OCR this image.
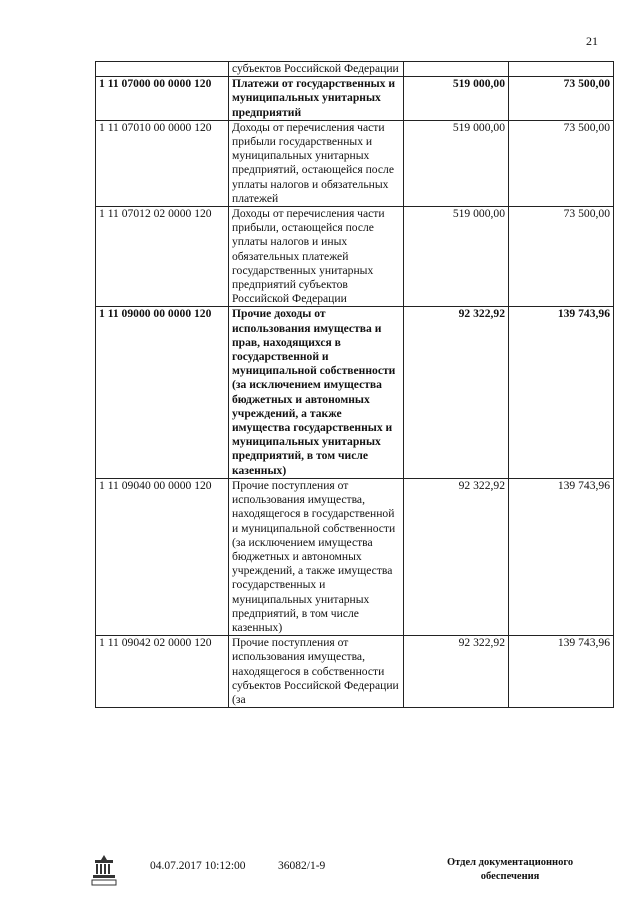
21
	субъектов Российской Федерации		
1 11 07000 00 0000 120	Платежи от государственных и муниципальных унитарных предприятий	519 000,00	73 500,00
1 11 07010 00 0000 120	Доходы от перечисления части прибыли государственных и муниципальных унитарных предприятий, остающейся после уплаты налогов и обязательных платежей	519 000,00	73 500,00
1 11 07012 02 0000 120	Доходы от перечисления части прибыли, остающейся после уплаты налогов и иных обязательных платежей государственных унитарных предприятий субъектов Российской Федерации	519 000,00	73 500,00
1 11 09000 00 0000 120	Прочие доходы от использования имущества и прав, находящихся в государственной и муниципальной собственности (за исключением имущества бюджетных и автономных учреждений, а также имущества государственных и муниципальных унитарных предприятий, в том числе казенных)	92 322,92	139 743,96
1 11 09040 00 0000 120	Прочие поступления от использования имущества, находящегося в государственной и муниципальной собственности (за исключением имущества бюджетных и автономных учреждений, а также имущества государственных и муниципальных унитарных предприятий, в том числе казенных)	92 322,92	139 743,96
1 11 09042 02 0000 120	Прочие поступления от использования имущества, находящегося в собственности субъектов Российской Федерации (за	92 322,92	139 743,96
04.07.2017 10:12:00	36082/1-9	Отдел документационного
обеспечения
